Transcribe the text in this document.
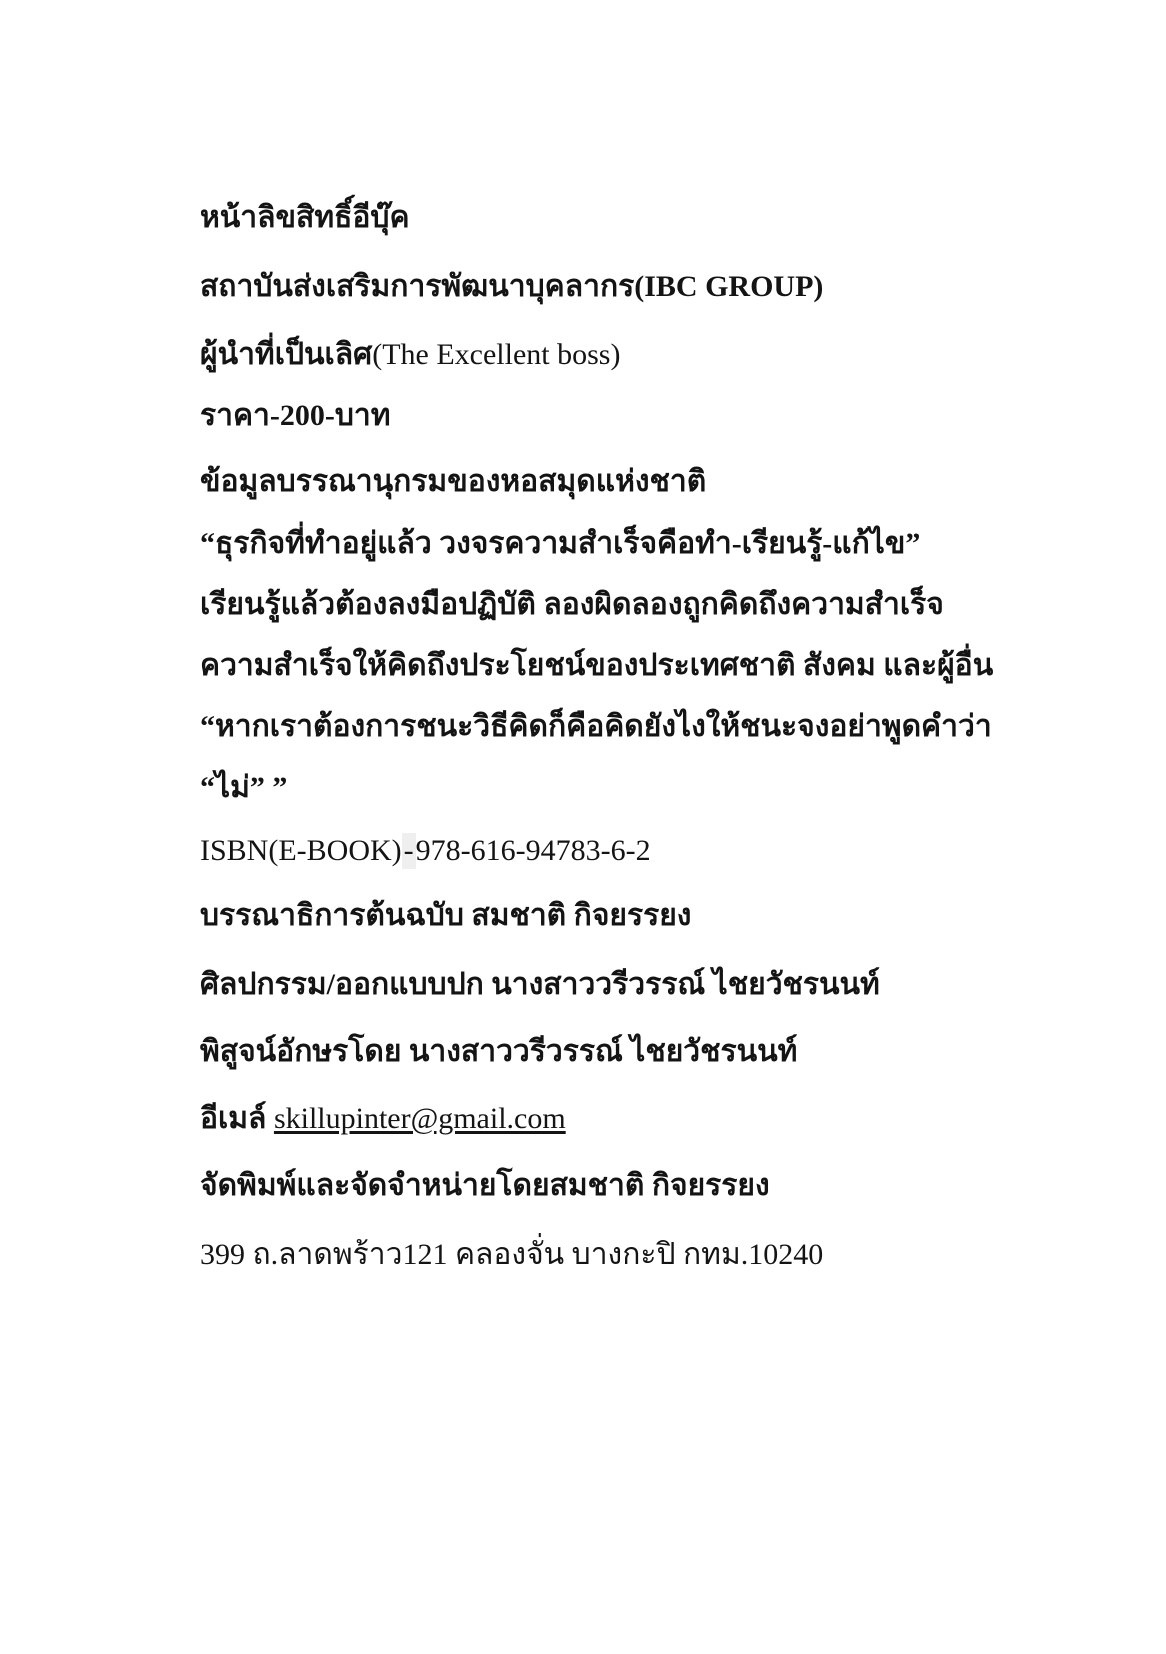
หน้าลิขสิทธิ์อีบุ๊ค
สถาบันส่งเสริมการพัฒนาบุคลากร(IBC GROUP)
ผู้นำที่เป็นเลิศ(The Excellent boss)
ราคา-200-บาท
ข้อมูลบรรณานุกรมของหอสมุดแห่งชาติ
“ธุรกิจที่ทำอยู่แล้ว วงจรความสำเร็จคือทำ-เรียนรู้-แก้ไข”
เรียนรู้แล้วต้องลงมือปฏิบัติ ลองผิดลองถูกคิดถึงความสำเร็จ
ความสำเร็จให้คิดถึงประโยชน์ของประเทศชาติ สังคม และผู้อื่น
“หากเราต้องการชนะวิธีคิดก็คือคิดยังไงให้ชนะจงอย่าพูดคำว่า
“ไม่” ”
ISBN(E-BOOK)-978-616-94783-6-2
บรรณาธิการต้นฉบับ สมชาติ กิจยรรยง
ศิลปกรรม/ออกแบบปก นางสาววรีวรรณ์ ไชยวัชรนนท์
พิสูจน์อักษรโดย นางสาววรีวรรณ์ ไชยวัชรนนท์
อีเมล์ skillupinter@gmail.com
จัดพิมพ์และจัดจำหน่ายโดยสมชาติ กิจยรรยง
399 ถ.ลาดพร้าว121 คลองจั่น บางกะปิ กทม.10240
